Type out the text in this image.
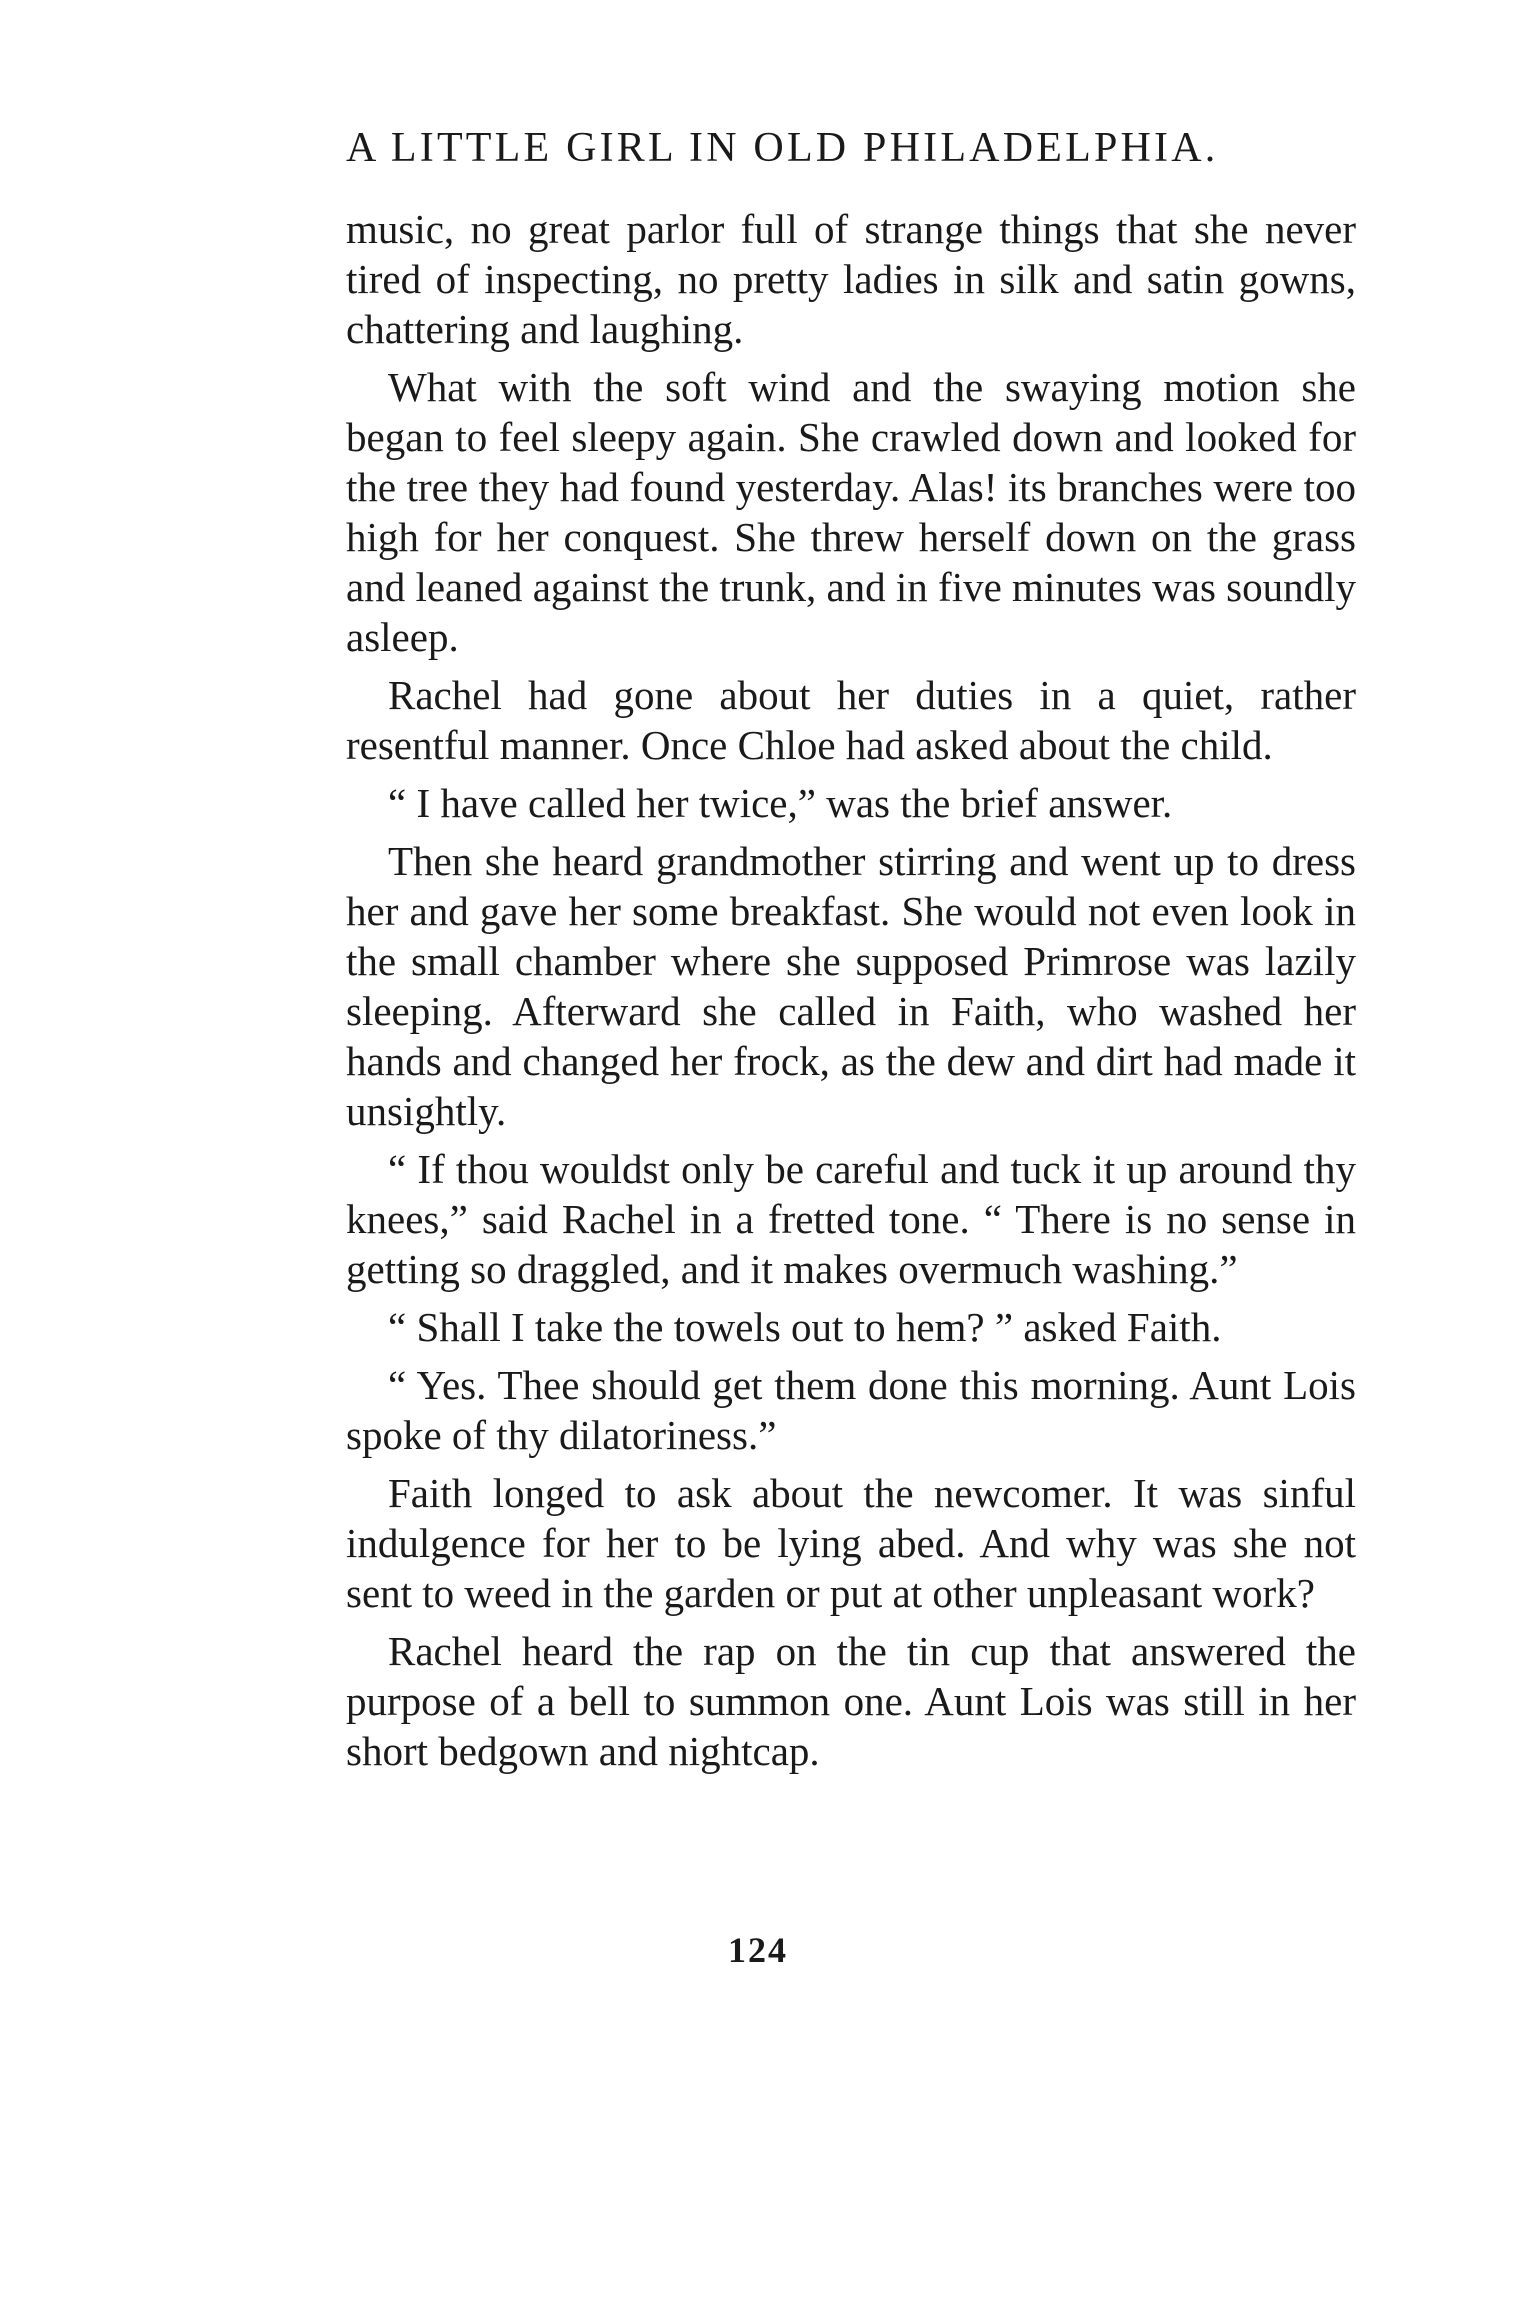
A LITTLE GIRL IN OLD PHILADELPHIA.

music, no great parlor full of strange things that she never tired of inspecting, no pretty ladies in silk and satin gowns, chattering and laughing.

What with the soft wind and the swaying motion she began to feel sleepy again. She crawled down and looked for the tree they had found yesterday. Alas! its branches were too high for her conquest. She threw herself down on the grass and leaned against the trunk, and in five minutes was soundly asleep.

Rachel had gone about her duties in a quiet, rather resentful manner. Once Chloe had asked about the child.

“ I have called her twice,” was the brief answer.

Then she heard grandmother stirring and went up to dress her and gave her some breakfast. She would not even look in the small chamber where she supposed Primrose was lazily sleeping. Afterward she called in Faith, who washed her hands and changed her frock, as the dew and dirt had made it unsightly.

“ If thou wouldst only be careful and tuck it up around thy knees,” said Rachel in a fretted tone. “ There is no sense in getting so draggled, and it makes overmuch washing.”

“ Shall I take the towels out to hem? ” asked Faith.

“ Yes. Thee should get them done this morning. Aunt Lois spoke of thy dilatoriness.”

Faith longed to ask about the newcomer. It was sinful indulgence for her to be lying abed. And why was she not sent to weed in the garden or put at other unpleasant work?

Rachel heard the rap on the tin cup that answered the purpose of a bell to summon one. Aunt Lois was still in her short bedgown and nightcap.

124
